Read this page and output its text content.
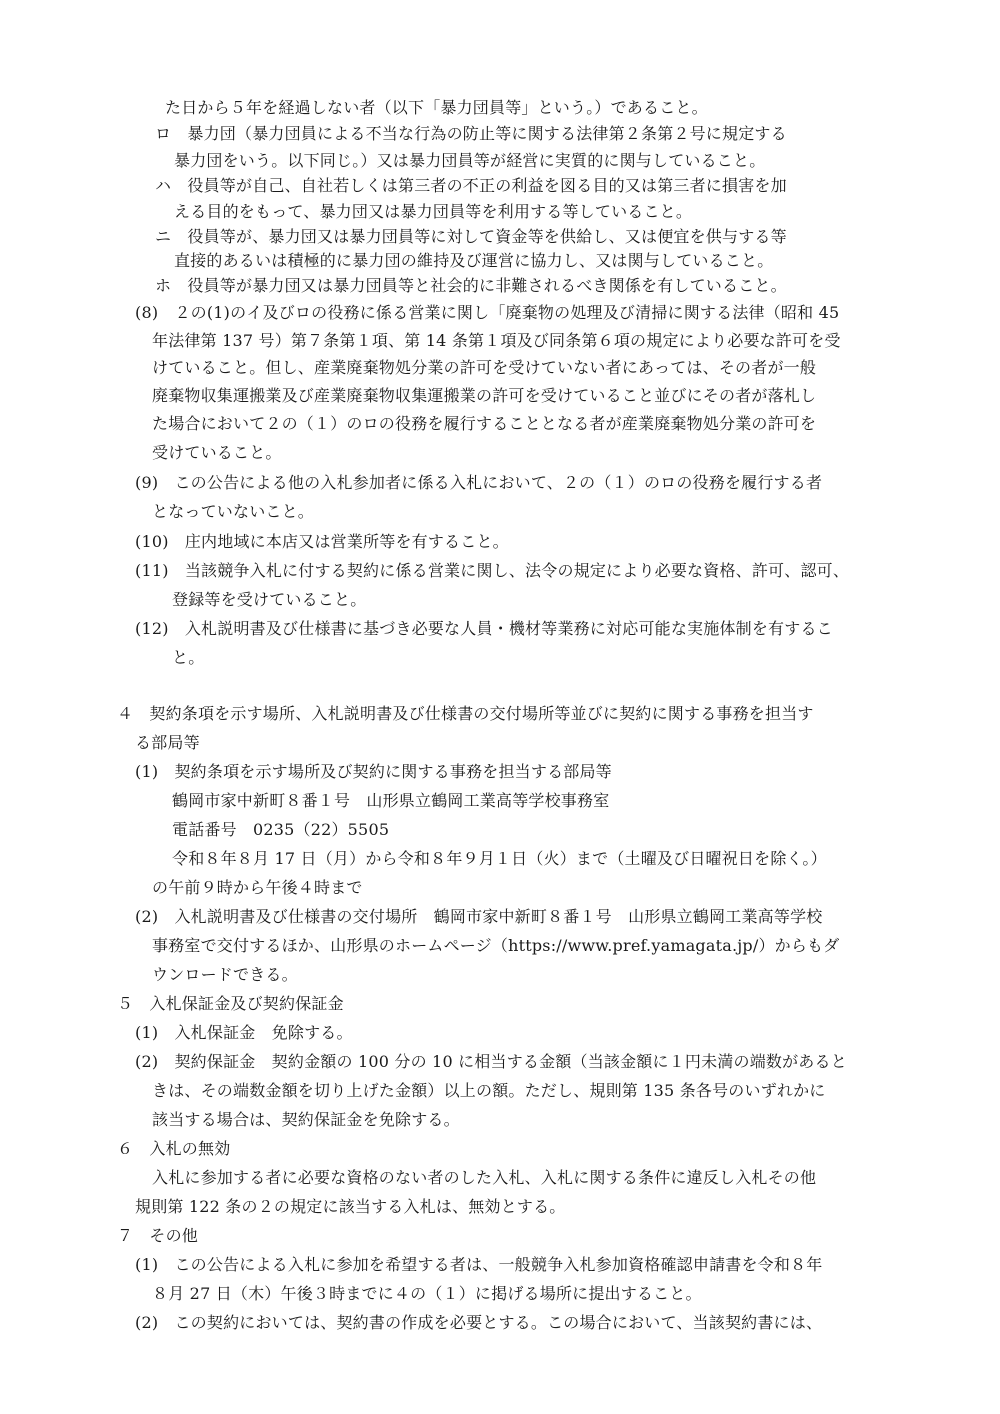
た日から５年を経過しない者（以下「暴力団員等」という。）であること。

ロ　暴力団（暴力団員による不当な行為の防止等に関する法律第２条第２号に規定する

暴力団をいう。以下同じ。）又は暴力団員等が経営に実質的に関与していること。

ハ　役員等が自己、自社若しくは第三者の不正の利益を図る目的又は第三者に損害を加

える目的をもって、暴力団又は暴力団員等を利用する等していること。

ニ　役員等が、暴力団又は暴力団員等に対して資金等を供給し、又は便宜を供与する等

直接的あるいは積極的に暴力団の維持及び運営に協力し、又は関与していること。

ホ　役員等が暴力団又は暴力団員等と社会的に非難されるべき関係を有していること。

(8)　２の(1)のイ及びロの役務に係る営業に関し「廃棄物の処理及び清掃に関する法律（昭和 45

年法律第 137 号）第７条第１項、第 14 条第１項及び同条第６項の規定により必要な許可を受

けていること。但し、産業廃棄物処分業の許可を受けていない者にあっては、その者が一般

廃棄物収集運搬業及び産業廃棄物収集運搬業の許可を受けていること並びにその者が落札し

た場合において２の（１）のロの役務を履行することとなる者が産業廃棄物処分業の許可を

受けていること。

(9)　この公告による他の入札参加者に係る入札において、２の（１）のロの役務を履行する者

となっていないこと。

(10)　庄内地域に本店又は営業所等を有すること。

(11)　当該競争入札に付する契約に係る営業に関し、法令の規定により必要な資格、許可、認可、

登録等を受けていること。

(12)　入札説明書及び仕様書に基づき必要な人員・機材等業務に対応可能な実施体制を有するこ

と。

４　契約条項を示す場所、入札説明書及び仕様書の交付場所等並びに契約に関する事務を担当す

る部局等

(1)　契約条項を示す場所及び契約に関する事務を担当する部局等

鶴岡市家中新町８番１号　山形県立鶴岡工業高等学校事務室

電話番号　0235（22）5505

令和８年８月 17 日（月）から令和８年９月１日（火）まで（土曜及び日曜祝日を除く。）

の午前９時から午後４時まで

(2)　入札説明書及び仕様書の交付場所　鶴岡市家中新町８番１号　山形県立鶴岡工業高等学校

事務室で交付するほか、山形県のホームページ（https://www.pref.yamagata.jp/）からもダ

ウンロードできる。

５　入札保証金及び契約保証金

(1)　入札保証金　免除する。

(2)　契約保証金　契約金額の 100 分の 10 に相当する金額（当該金額に１円未満の端数があると

きは、その端数金額を切り上げた金額）以上の額。ただし、規則第 135 条各号のいずれかに

該当する場合は、契約保証金を免除する。

６　入札の無効

入札に参加する者に必要な資格のない者のした入札、入札に関する条件に違反し入札その他

規則第 122 条の２の規定に該当する入札は、無効とする。

７　その他

(1)　この公告による入札に参加を希望する者は、一般競争入札参加資格確認申請書を令和８年

８月 27 日（木）午後３時までに４の（１）に掲げる場所に提出すること。

(2)　この契約においては、契約書の作成を必要とする。この場合において、当該契約書には、
